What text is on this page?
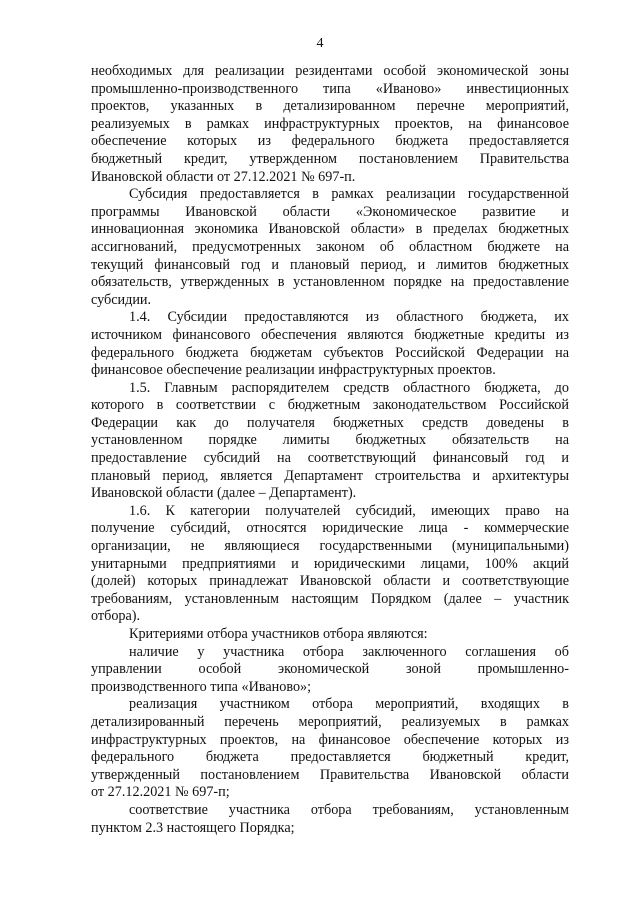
4
необходимых для реализации резидентами особой экономической зоны
промышленно-производственного типа «Иваново» инвестиционных
проектов, указанных в детализированном перечне мероприятий,
реализуемых в рамках инфраструктурных проектов, на финансовое
обеспечение которых из федерального бюджета предоставляется
бюджетный кредит, утвержденном постановлением Правительства
Ивановской области от 27.12.2021 № 697-п.
Субсидия предоставляется в рамках реализации государственной
программы Ивановской области «Экономическое развитие и
инновационная экономика Ивановской области» в пределах бюджетных
ассигнований, предусмотренных законом об областном бюджете на
текущий финансовый год и плановый период, и лимитов бюджетных
обязательств, утвержденных в установленном порядке на предоставление
субсидии.
1.4. Субсидии предоставляются из областного бюджета, их
источником финансового обеспечения являются бюджетные кредиты из
федерального бюджета бюджетам субъектов Российской Федерации на
финансовое обеспечение реализации инфраструктурных проектов.
1.5. Главным распорядителем средств областного бюджета, до
которого в соответствии с бюджетным законодательством Российской
Федерации как до получателя бюджетных средств доведены в
установленном порядке лимиты бюджетных обязательств на
предоставление субсидий на соответствующий финансовый год и
плановый период, является Департамент строительства и архитектуры
Ивановской области (далее – Департамент).
1.6. К категории получателей субсидий, имеющих право на
получение субсидий, относятся юридические лица - коммерческие
организации, не являющиеся государственными (муниципальными)
унитарными предприятиями и юридическими лицами, 100% акций
(долей) которых принадлежат Ивановской области и соответствующие
требованиям, установленным настоящим Порядком (далее – участник
отбора).
Критериями отбора участников отбора являются:
наличие у участника отбора заключенного соглашения об
управлении особой экономической зоной промышленно-
производственного типа «Иваново»;
реализация участником отбора мероприятий, входящих в
детализированный перечень мероприятий, реализуемых в рамках
инфраструктурных проектов, на финансовое обеспечение которых из
федерального бюджета предоставляется бюджетный кредит,
утвержденный постановлением Правительства Ивановской области
от 27.12.2021 № 697-п;
соответствие участника отбора требованиям, установленным
пунктом 2.3 настоящего Порядка;
